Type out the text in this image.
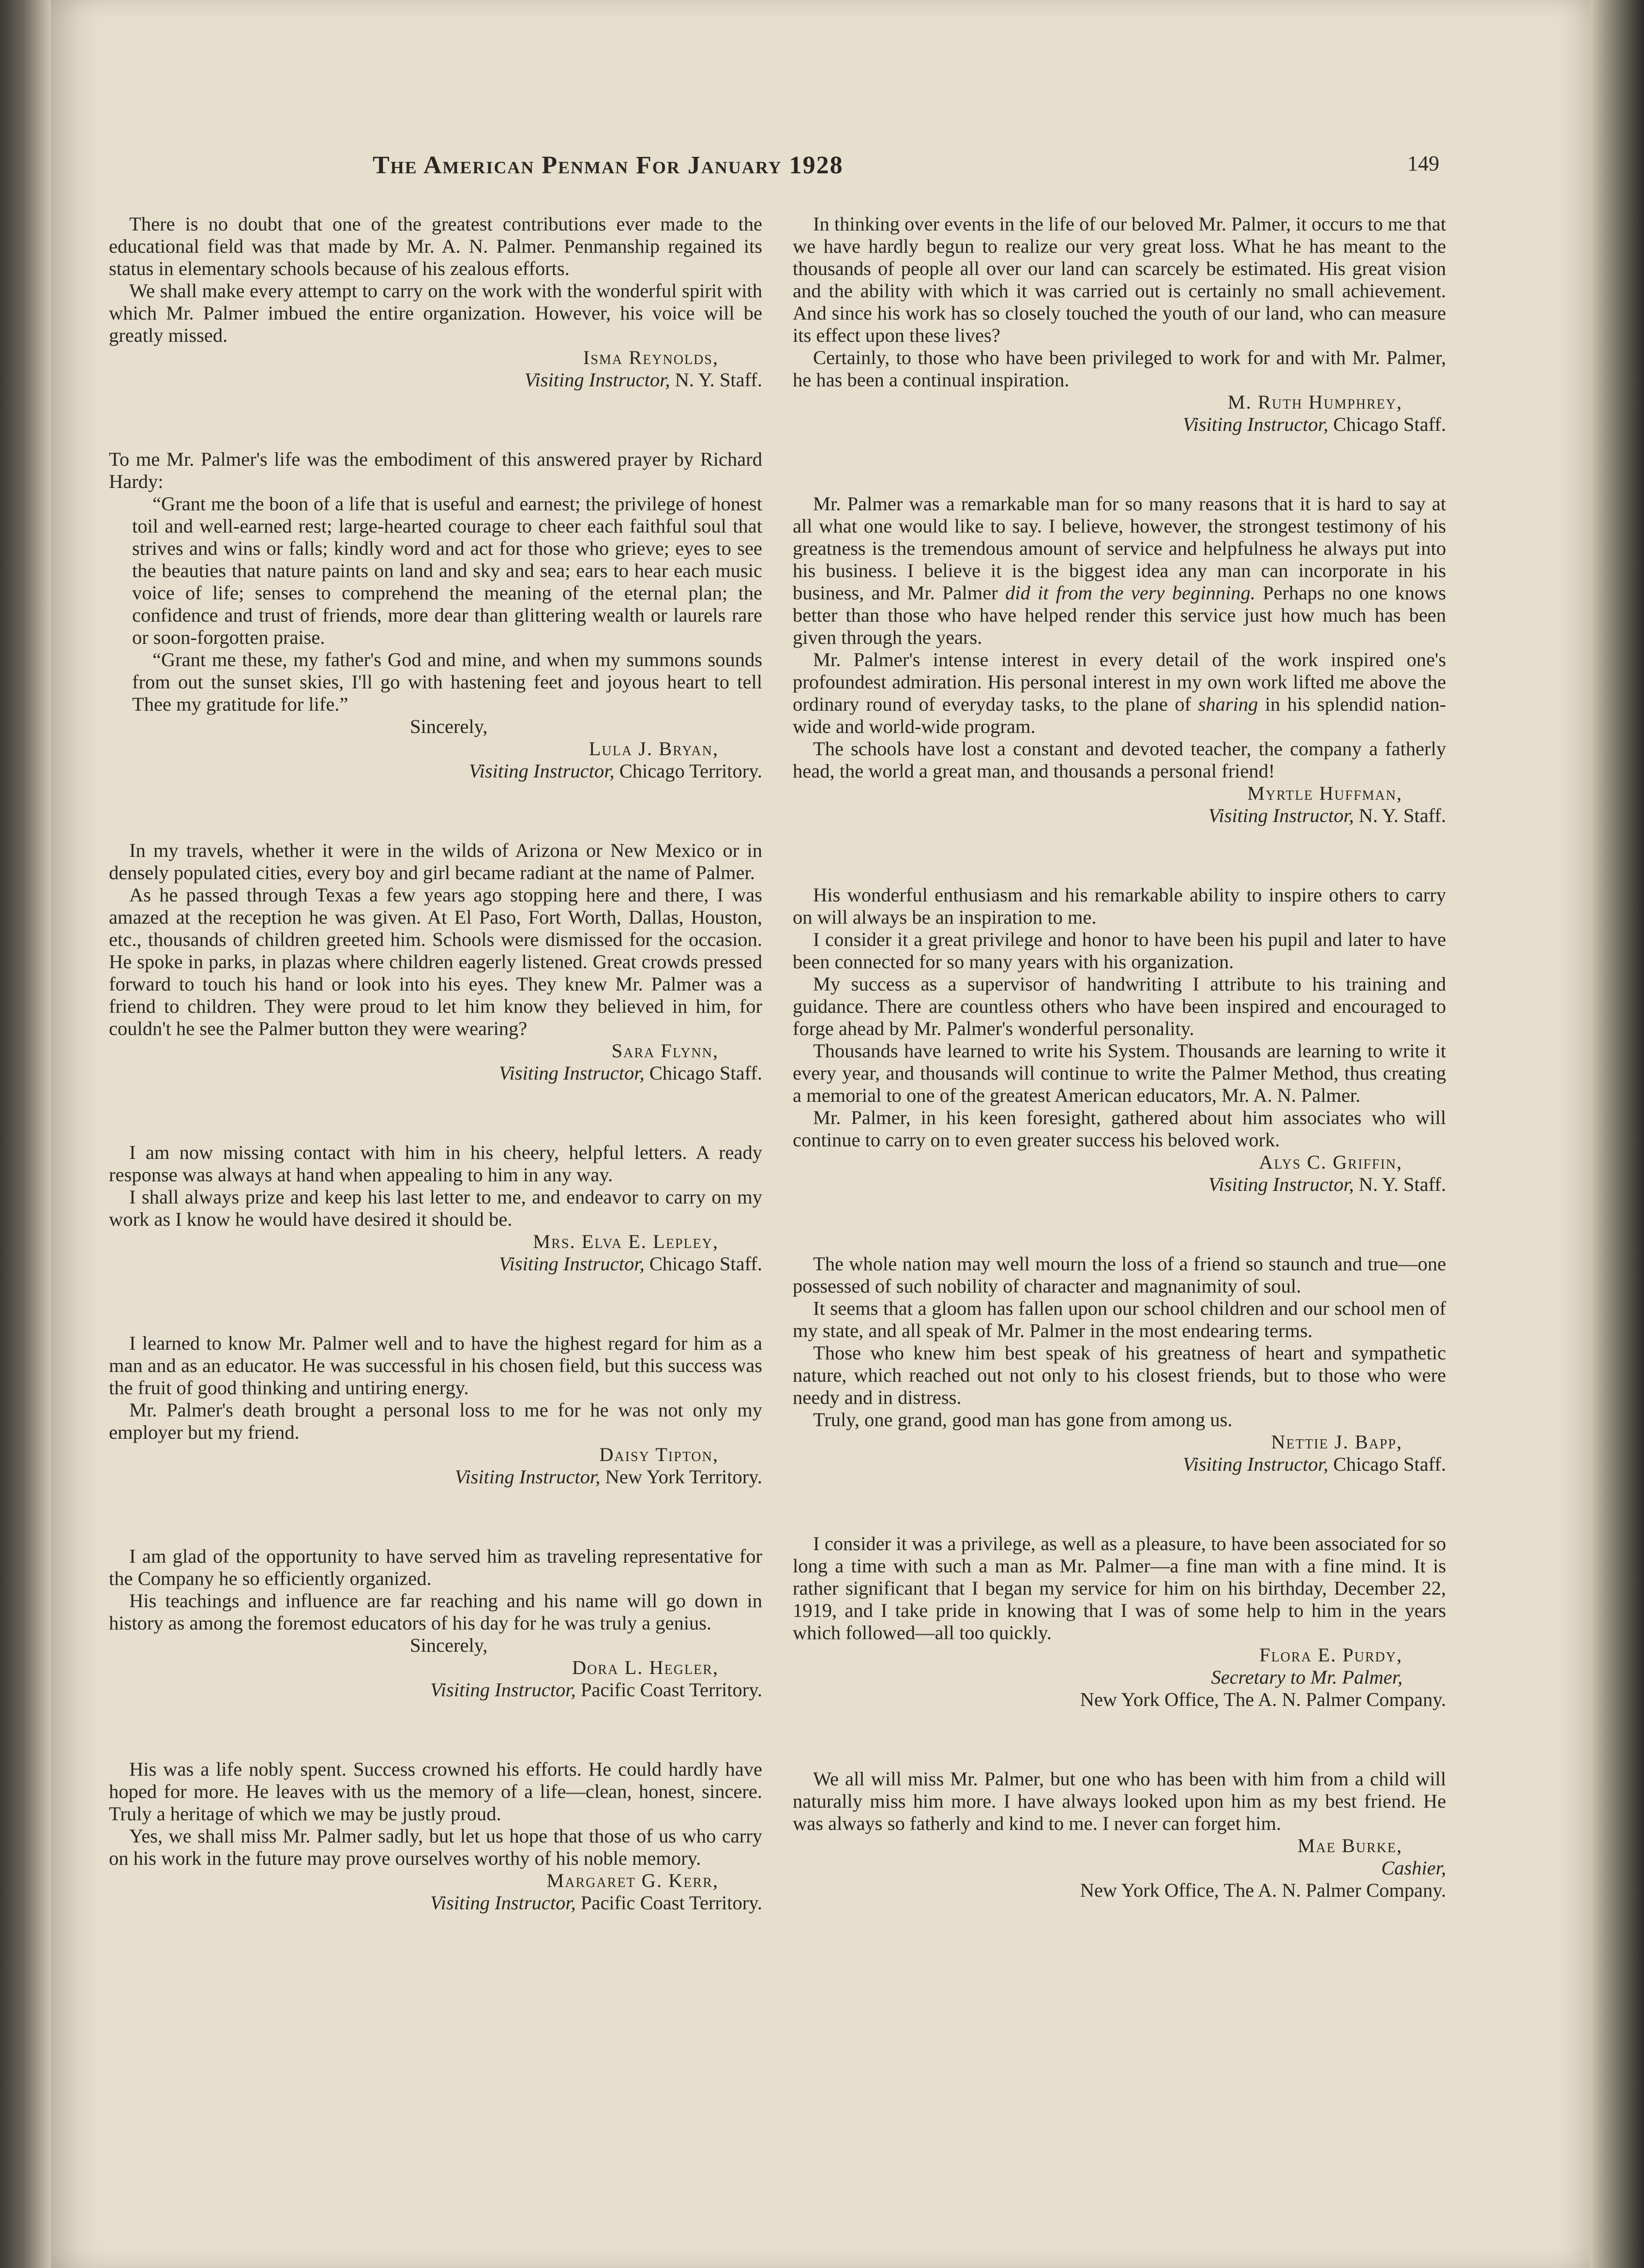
The American Penman For January 1928	149

There is no doubt that one of the greatest contributions ever made to the educational field was that made by Mr. A. N. Palmer. Penmanship regained its status in elementary schools because of his zealous efforts.

We shall make every attempt to carry on the work with the wonderful spirit with which Mr. Palmer imbued the entire organization. However, his voice will be greatly missed.

Isma Reynolds,

Visiting Instructor, N. Y. Staff.

To me Mr. Palmer's life was the embodiment of this answered prayer by Richard Hardy:

“Grant me the boon of a life that is useful and earnest; the privilege of honest toil and well-earned rest; large-hearted courage to cheer each faithful soul that strives and wins or falls; kindly word and act for those who grieve; eyes to see the beauties that nature paints on land and sky and sea; ears to hear each music voice of life; senses to comprehend the meaning of the eternal plan; the confidence and trust of friends, more dear than glittering wealth or laurels rare or soon-forgotten praise.

“Grant me these, my father's God and mine, and when my summons sounds from out the sunset skies, I'll go with hastening feet and joyous heart to tell Thee my gratitude for life.”

Sincerely,

Lula J. Bryan,

Visiting Instructor, Chicago Territory.

In my travels, whether it were in the wilds of Arizona or New Mexico or in densely populated cities, every boy and girl became radiant at the name of Palmer.

As he passed through Texas a few years ago stopping here and there, I was amazed at the reception he was given. At El Paso, Fort Worth, Dallas, Houston, etc., thousands of children greeted him. Schools were dismissed for the occasion. He spoke in parks, in plazas where children eagerly listened. Great crowds pressed forward to touch his hand or look into his eyes. They knew Mr. Palmer was a friend to children. They were proud to let him know they believed in him, for couldn't he see the Palmer button they were wearing?

Sara Flynn,

Visiting Instructor, Chicago Staff.

I am now missing contact with him in his cheery, helpful letters. A ready response was always at hand when appealing to him in any way.

I shall always prize and keep his last letter to me, and endeavor to carry on my work as I know he would have desired it should be.

Mrs. Elva E. Lepley,

Visiting Instructor, Chicago Staff.

I learned to know Mr. Palmer well and to have the highest regard for him as a man and as an educator. He was successful in his chosen field, but this success was the fruit of good thinking and untiring energy.

Mr. Palmer's death brought a personal loss to me for he was not only my employer but my friend.

Daisy Tipton,

Visiting Instructor, New York Territory.

I am glad of the opportunity to have served him as traveling representative for the Company he so efficiently organized.

His teachings and influence are far reaching and his name will go down in history as among the foremost educators of his day for he was truly a genius.

Sincerely,

Dora L. Hegler,

Visiting Instructor, Pacific Coast Territory.

His was a life nobly spent. Success crowned his efforts. He could hardly have hoped for more. He leaves with us the memory of a life—clean, honest, sincere. Truly a heritage of which we may be justly proud.

Yes, we shall miss Mr. Palmer sadly, but let us hope that those of us who carry on his work in the future may prove ourselves worthy of his noble memory.

Margaret G. Kerr,

Visiting Instructor, Pacific Coast Territory.

In thinking over events in the life of our beloved Mr. Palmer, it occurs to me that we have hardly begun to realize our very great loss. What he has meant to the thousands of people all over our land can scarcely be estimated. His great vision and the ability with which it was carried out is certainly no small achievement. And since his work has so closely touched the youth of our land, who can measure its effect upon these lives?

Certainly, to those who have been privileged to work for and with Mr. Palmer, he has been a continual inspiration.

M. Ruth Humphrey,

Visiting Instructor, Chicago Staff.

Mr. Palmer was a remarkable man for so many reasons that it is hard to say at all what one would like to say. I believe, however, the strongest testimony of his greatness is the tremendous amount of service and helpfulness he always put into his business. I believe it is the biggest idea any man can incorporate in his business, and Mr. Palmer did it from the very beginning. Perhaps no one knows better than those who have helped render this service just how much has been given through the years.

Mr. Palmer's intense interest in every detail of the work inspired one's profoundest admiration. His personal interest in my own work lifted me above the ordinary round of everyday tasks, to the plane of sharing in his splendid nation-wide and world-wide program.

The schools have lost a constant and devoted teacher, the company a fatherly head, the world a great man, and thousands a personal friend!

Myrtle Huffman,

Visiting Instructor, N. Y. Staff.

His wonderful enthusiasm and his remarkable ability to inspire others to carry on will always be an inspiration to me.

I consider it a great privilege and honor to have been his pupil and later to have been connected for so many years with his organization.

My success as a supervisor of handwriting I attribute to his training and guidance. There are countless others who have been inspired and encouraged to forge ahead by Mr. Palmer's wonderful personality.

Thousands have learned to write his System. Thousands are learning to write it every year, and thousands will continue to write the Palmer Method, thus creating a memorial to one of the greatest American educators, Mr. A. N. Palmer.

Mr. Palmer, in his keen foresight, gathered about him associates who will continue to carry on to even greater success his beloved work.

Alys C. Griffin,

Visiting Instructor, N. Y. Staff.

The whole nation may well mourn the loss of a friend so staunch and true—one possessed of such nobility of character and magnanimity of soul.

It seems that a gloom has fallen upon our school children and our school men of my state, and all speak of Mr. Palmer in the most endearing terms.

Those who knew him best speak of his greatness of heart and sympathetic nature, which reached out not only to his closest friends, but to those who were needy and in distress.

Truly, one grand, good man has gone from among us.

Nettie J. Bapp,

Visiting Instructor, Chicago Staff.

I consider it was a privilege, as well as a pleasure, to have been associated for so long a time with such a man as Mr. Palmer—a fine man with a fine mind. It is rather significant that I began my service for him on his birthday, December 22, 1919, and I take pride in knowing that I was of some help to him in the years which followed—all too quickly.

Flora E. Purdy,

Secretary to Mr. Palmer,

New York Office, The A. N. Palmer Company.

We all will miss Mr. Palmer, but one who has been with him from a child will naturally miss him more. I have always looked upon him as my best friend. He was always so fatherly and kind to me. I never can forget him.

Mae Burke,

Cashier,

New York Office, The A. N. Palmer Company.
